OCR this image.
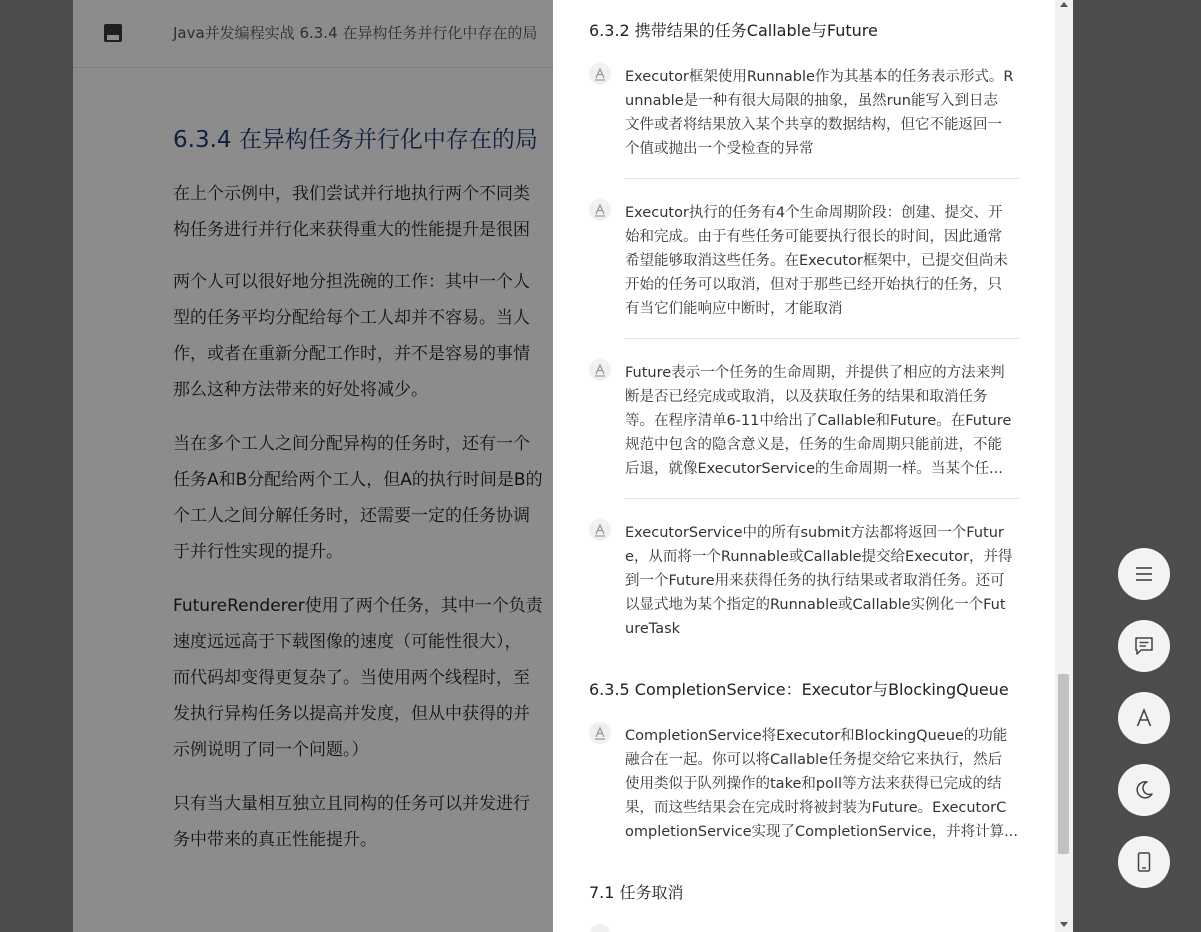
Java并发编程实战 6.3.4 在异构任务并行化中存在的局
6.3.4 在异构任务并行化中存在的局
在上个示例中，我们尝试并行地执行两个不同类
构任务进行并行化来获得重大的性能提升是很困
两个人可以很好地分担洗碗的工作：其中一个人
型的任务平均分配给每个工人却并不容易。当人
作，或者在重新分配工作时，并不是容易的事情
那么这种方法带来的好处将减少。
当在多个工人之间分配异构的任务时，还有一个
任务A和B分配给两个工人，但A的执行时间是B的
个工人之间分解任务时，还需要一定的任务协调
于并行性实现的提升。
FutureRenderer使用了两个任务，其中一个负责
速度远远高于下载图像的速度（可能性很大），
而代码却变得更复杂了。当使用两个线程时，至
发执行异构任务以提高并发度，但从中获得的并
示例说明了同一个问题。）
只有当大量相互独立且同构的任务可以并发进行
务中带来的真正性能提升。
6.3.2 携带结果的任务Callable与Future
Executor框架使用Runnable作为其基本的任务表示形式。R
unnable是一种有很大局限的抽象，虽然run能写入到日志
文件或者将结果放入某个共享的数据结构，但它不能返回一
个值或抛出一个受检查的异常
Executor执行的任务有4个生命周期阶段：创建、提交、开
始和完成。由于有些任务可能要执行很长的时间，因此通常
希望能够取消这些任务。在Executor框架中，已提交但尚未
开始的任务可以取消，但对于那些已经开始执行的任务，只
有当它们能响应中断时，才能取消
Future表示一个任务的生命周期，并提供了相应的方法来判
断是否已经完成或取消，以及获取任务的结果和取消任务
等。在程序清单6-11中给出了Callable和Future。在Future
规范中包含的隐含意义是，任务的生命周期只能前进，不能
后退，就像ExecutorService的生命周期一样。当某个任...
ExecutorService中的所有submit方法都将返回一个Futur
e，从而将一个Runnable或Callable提交给Executor，并得
到一个Future用来获得任务的执行结果或者取消任务。还可
以显式地为某个指定的Runnable或Callable实例化一个Fut
ureTask
6.3.5 CompletionService：Executor与BlockingQueue
CompletionService将Executor和BlockingQueue的功能
融合在一起。你可以将Callable任务提交给它来执行，然后
使用类似于队列操作的take和poll等方法来获得已完成的结
果，而这些结果会在完成时将被封装为Future。ExecutorC
ompletionService实现了CompletionService，并将计算...
7.1 任务取消
